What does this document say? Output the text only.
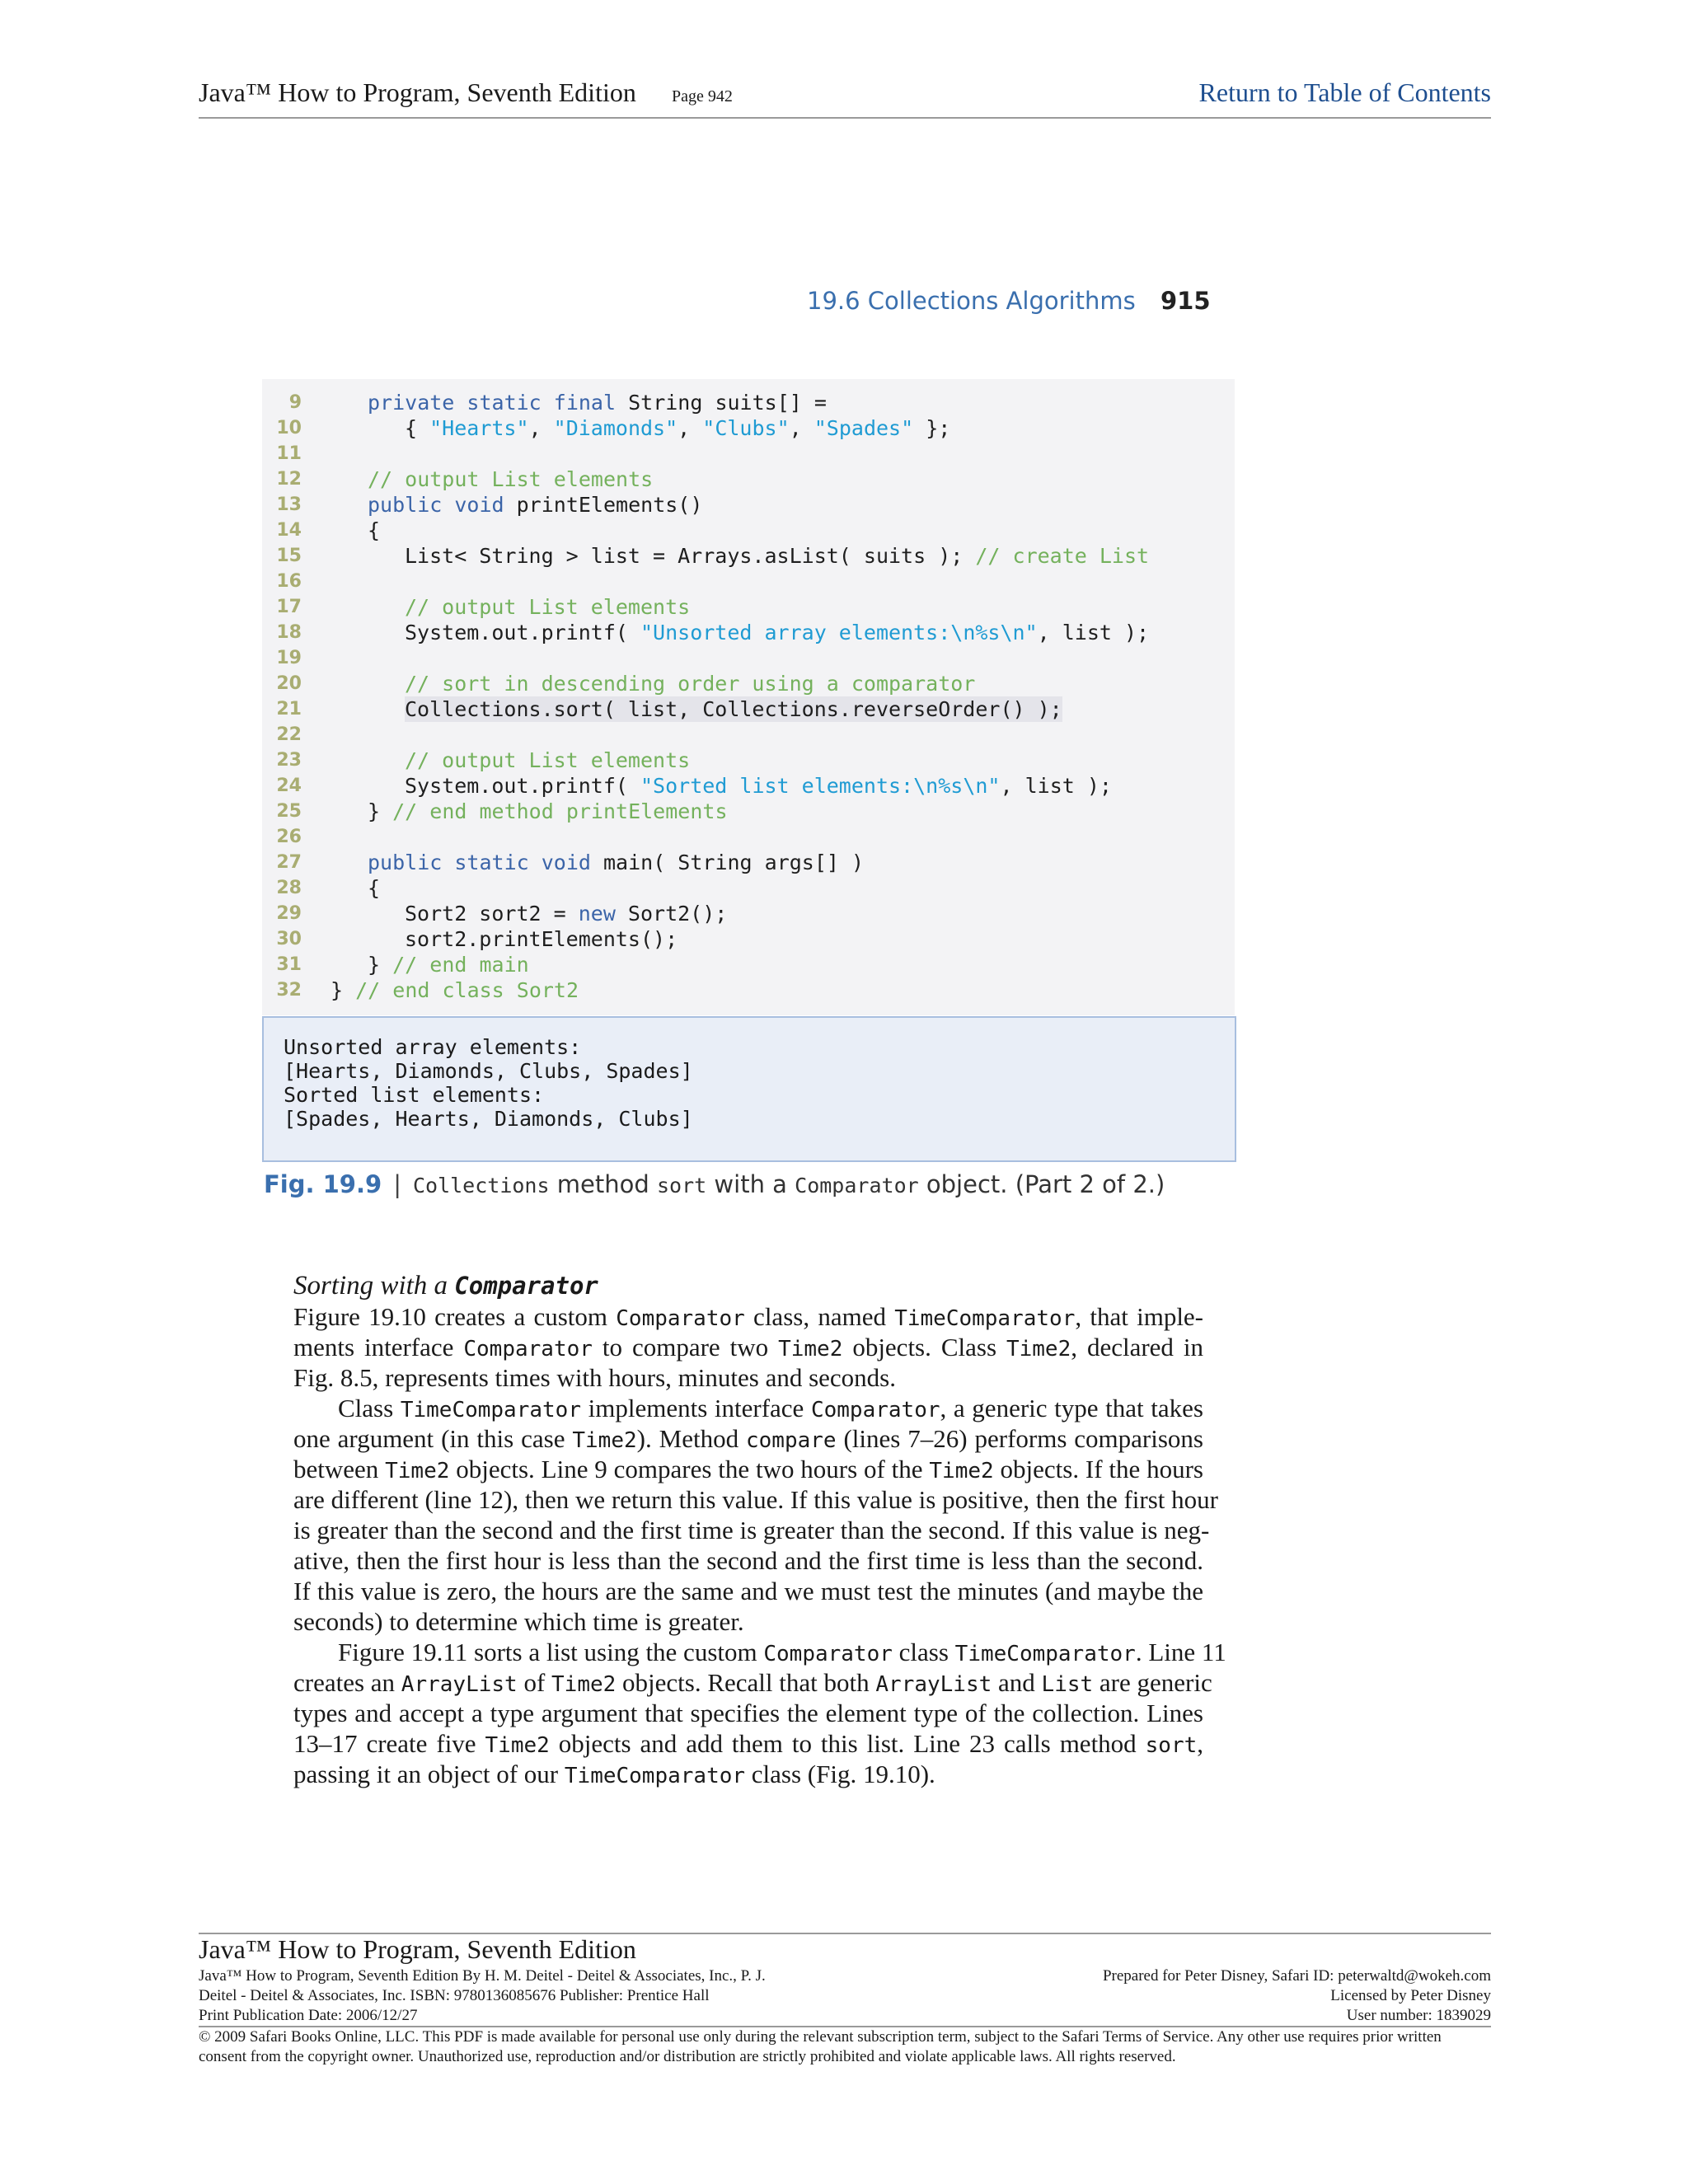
Java™ How to Program, Seventh Edition Page 942	Return to Table of Contents
19.6 Collections Algorithms 915
9	private static final String suits[] =
10	{ "Hearts", "Diamonds", "Clubs", "Spades" };
11
12	// output List elements
13	public void printElements()
14	{
15	List< String > list = Arrays.asList( suits ); // create List
16
17	// output List elements
18	System.out.printf( "Unsorted array elements:\n%s\n", list );
19
20	// sort in descending order using a comparator
21	Collections.sort( list, Collections.reverseOrder() );
22
23	// output List elements
24	System.out.printf( "Sorted list elements:\n%s\n", list );
25	} // end method printElements
26
27	public static void main( String args[] )
28	{
29	Sort2 sort2 = new Sort2();
30	sort2.printElements();
31	} // end main
32 } // end class Sort2
Unsorted array elements:
[Hearts, Diamonds, Clubs, Spades]
Sorted list elements:
[Spades, Hearts, Diamonds, Clubs]
Fig. 19.9 | Collections method sort with a Comparator object. (Part 2 of 2.)
Sorting with a Comparator
Figure 19.10 creates a custom Comparator class, named TimeComparator, that imple-
ments interface Comparator to compare two Time2 objects. Class Time2, declared in
Fig. 8.5, represents times with hours, minutes and seconds.
Class TimeComparator implements interface Comparator, a generic type that takes
one argument (in this case Time2). Method compare (lines 7–26) performs comparisons
between Time2 objects. Line 9 compares the two hours of the Time2 objects. If the hours
are different (line 12), then we return this value. If this value is positive, then the first hour
is greater than the second and the first time is greater than the second. If this value is neg-
ative, then the first hour is less than the second and the first time is less than the second.
If this value is zero, the hours are the same and we must test the minutes (and maybe the
seconds) to determine which time is greater.
Figure 19.11 sorts a list using the custom Comparator class TimeComparator. Line 11
creates an ArrayList of Time2 objects. Recall that both ArrayList and List are generic
types and accept a type argument that specifies the element type of the collection. Lines
13–17 create five Time2 objects and add them to this list. Line 23 calls method sort,
passing it an object of our TimeComparator class (Fig. 19.10).
Java™ How to Program, Seventh Edition
Java™ How to Program, Seventh Edition By H. M. Deitel - Deitel & Associates, Inc., P. J.
Deitel - Deitel & Associates, Inc. ISBN: 9780136085676 Publisher: Prentice Hall
Print Publication Date: 2006/12/27
Prepared for Peter Disney, Safari ID: peterwaltd@wokeh.com
Licensed by Peter Disney
User number: 1839029
© 2009 Safari Books Online, LLC. This PDF is made available for personal use only during the relevant subscription term, subject to the Safari Terms of Service. Any other use requires prior written consent from the copyright owner. Unauthorized use, reproduction and/or distribution are strictly prohibited and violate applicable laws. All rights reserved.
